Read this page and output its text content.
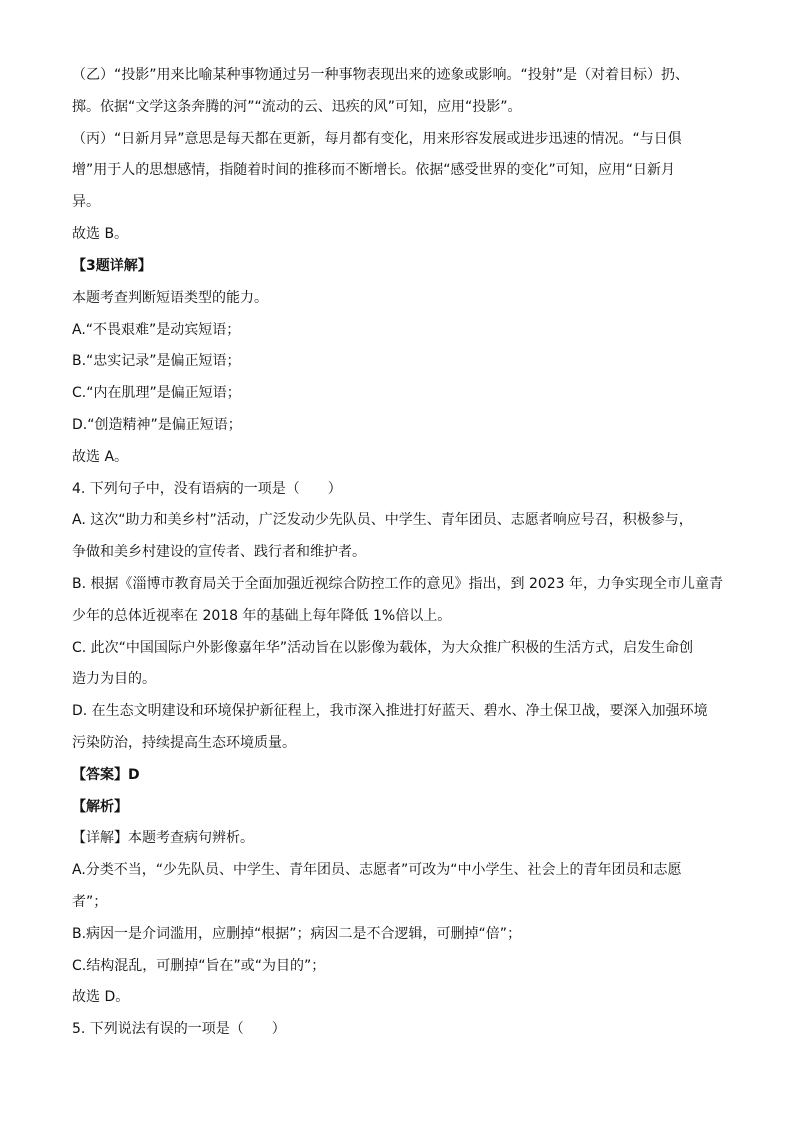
（乙）“投影”用来比喻某种事物通过另一种事物表现出来的迹象或影响。“投射”是（对着目标）扔、
掷。依据“文学这条奔腾的河”“流动的云、迅疾的风”可知，应用“投影”。
（丙）“日新月异”意思是每天都在更新，每月都有变化，用来形容发展或进步迅速的情况。“与日俱
增”用于人的思想感情，指随着时间的推移而不断增长。依据“感受世界的变化”可知，应用“日新月
异。
故选 B。
【3题详解】
本题考查判断短语类型的能力。
A.“不畏艰难”是动宾短语；
B.“忠实记录”是偏正短语；
C.“内在肌理”是偏正短语；
D.“创造精神”是偏正短语；
故选 A。
4. 下列句子中，没有语病的一项是（　　）
A. 这次“助力和美乡村”活动，广泛发动少先队员、中学生、青年团员、志愿者响应号召，积极参与，
争做和美乡村建设的宣传者、践行者和维护者。
B. 根据《淄博市教育局关于全面加强近视综合防控工作的意见》指出，到 2023 年，力争实现全市儿童青
少年的总体近视率在 2018 年的基础上每年降低 1%倍以上。
C. 此次“中国国际户外影像嘉年华”活动旨在以影像为载体，为大众推广积极的生活方式，启发生命创
造力为目的。
D. 在生态文明建设和环境保护新征程上，我市深入推进打好蓝天、碧水、净土保卫战，要深入加强环境
污染防治，持续提高生态环境质量。
【答案】D
【解析】
【详解】本题考查病句辨析。
A.分类不当，“少先队员、中学生、青年团员、志愿者”可改为“中小学生、社会上的青年团员和志愿
者”；
B.病因一是介词滥用，应删掉“根据”；病因二是不合逻辑，可删掉“倍”；
C.结构混乱，可删掉“旨在”或“为目的”；
故选 D。
5. 下列说法有误的一项是（　　）
